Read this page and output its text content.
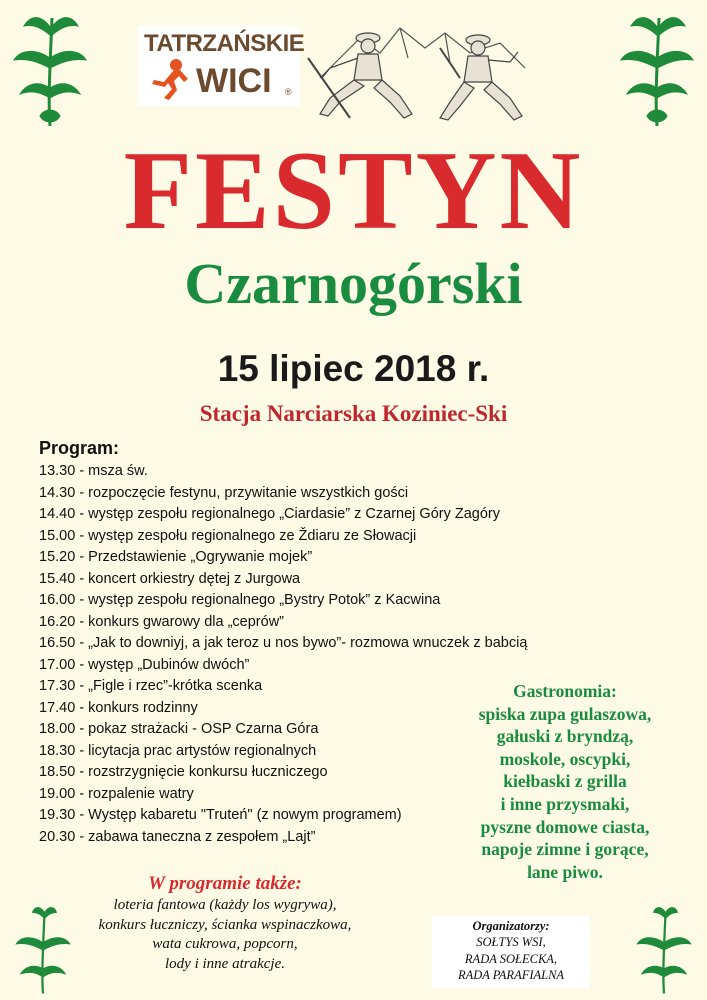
TATRZAŃSKIE
WICI ®
FESTYN
Czarnogórski
15 lipiec 2018 r.
Stacja Narciarska Koziniec-Ski
Program:
13.30 - msza św.
14.30 - rozpoczęcie festynu, przywitanie wszystkich gości
14.40 - występ zespołu regionalnego „Ciardasie” z Czarnej Góry Zagóry
15.00 - występ zespołu regionalnego ze Ždiaru ze Słowacji
15.20 - Przedstawienie „Ogrywanie mojek”
15.40 - koncert orkiestry dętej z Jurgowa
16.00 - występ zespołu regionalnego „Bystry Potok” z Kacwina
16.20 - konkurs gwarowy dla „ceprów”
16.50 - „Jak to downiyj, a jak teroz u nos bywo”- rozmowa wnuczek z babcią
17.00 - występ „Dubinów dwóch”
17.30 - „Figle i rzec”-krótka scenka
17.40 - konkurs rodzinny
18.00 - pokaz strażacki - OSP Czarna Góra
18.30 - licytacja prac artystów regionalnych
18.50 - rozstrzygnięcie konkursu łuczniczego
19.00 - rozpalenie watry
19.30 - Występ kabaretu "Truteń" (z nowym programem)
20.30 - zabawa taneczna z zespołem „Lajt”
Gastronomia:
spiska zupa gulaszowa,
gałuski z bryndzą,
moskole, oscypki,
kiełbaski z grilla
i inne przysmaki,
pyszne domowe ciasta,
napoje zimne i gorące,
lane piwo.
W programie także:
loteria fantowa (każdy los wygrywa),
konkurs łuczniczy, ścianka wspinaczkowa,
wata cukrowa, popcorn,
lody i inne atrakcje.
Organizatorzy:
SOŁTYS WSI,
RADA SOŁECKA,
RADA PARAFIALNA
